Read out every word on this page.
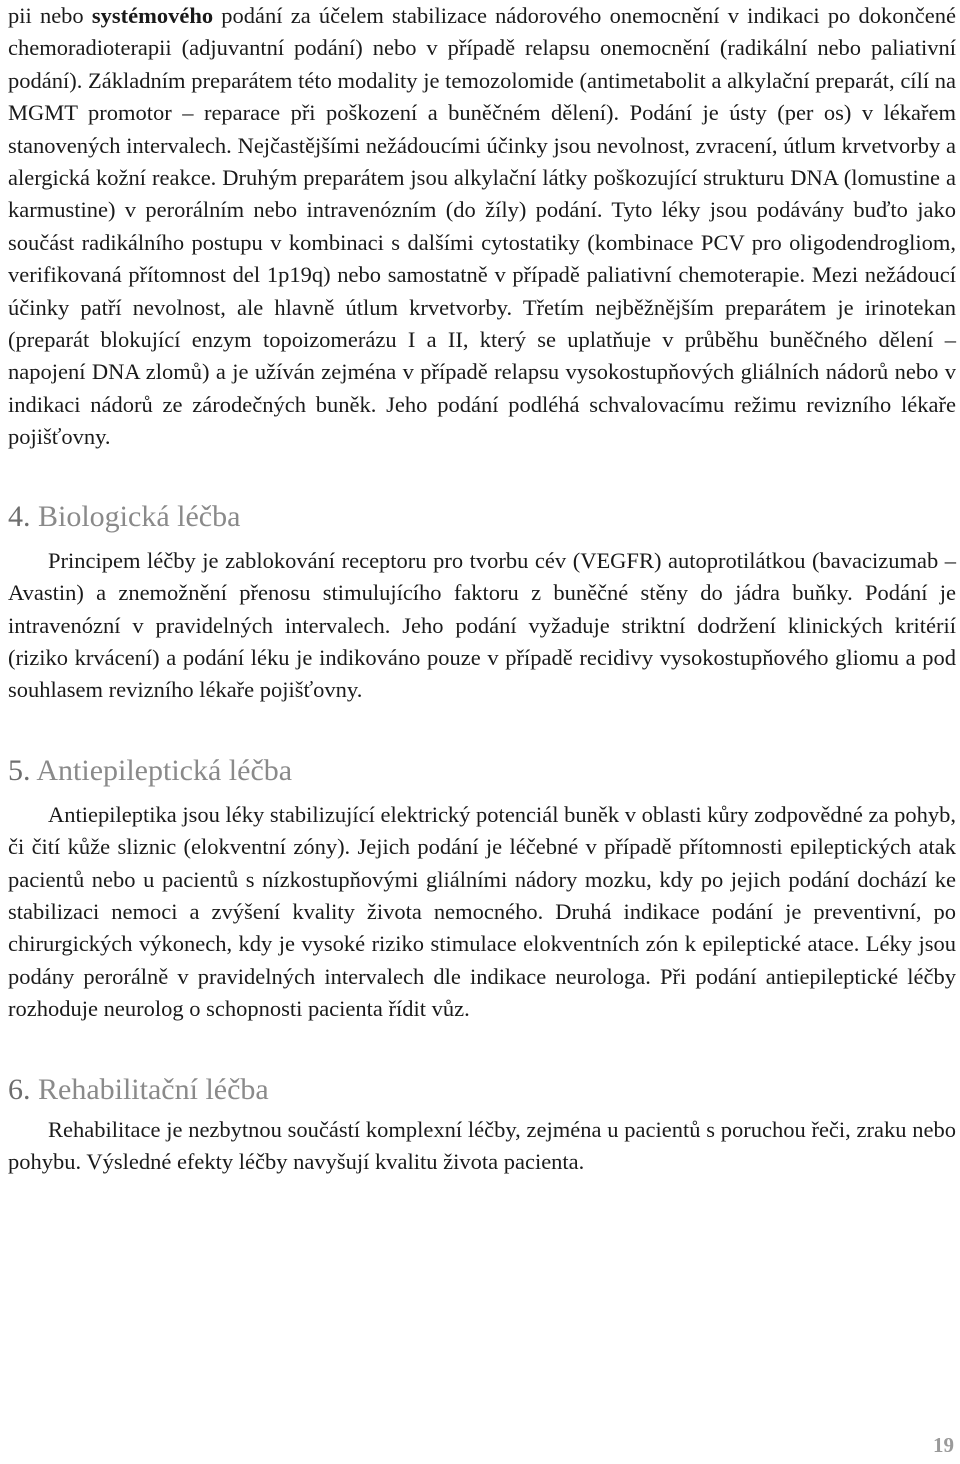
pii nebo systémového podání za účelem stabilizace nádorového onemocnění v indikaci po dokončené chemoradioterapii (adjuvantní podání) nebo v případě relapsu onemocnění (radikální nebo paliativní podání). Základním preparátem této modality je temozolomide (antimetabolit a alkylační preparát, cílí na MGMT promotor – reparace při poškození a buněčném dělení). Podání je ústy (per os) v lékařem stanovených intervalech. Nejčastějšími nežádoucími účinky jsou nevolnost, zvracení, útlum krvetvorby a alergická kožní reakce. Druhým preparátem jsou alkylační látky poškozující strukturu DNA (lomustine a karmustine) v perorálním nebo intravenózním (do žíly) podání. Tyto léky jsou podávány buďto jako součást radikálního postupu v kombinaci s dalšími cytostatiky (kombinace PCV pro oligodendrogliom, verifikovaná přítomnost del 1p19q) nebo samostatně v případě paliativní chemoterapie. Mezi nežádoucí účinky patří nevolnost, ale hlavně útlum krvetvorby. Třetím nejběžnějším preparátem je irinotekan (preparát blokující enzym topoizomerázu I a II, který se uplatňuje v průběhu buněčného dělení – napojení DNA zlomů) a je užíván zejména v případě relapsu vysokostupňových gliálních nádorů nebo v indikaci nádorů ze zárodečných buněk. Jeho podání podléhá schvalovacímu režimu revizního lékaře pojišťovny.

4. Biologická léčba

Principem léčby je zablokování receptoru pro tvorbu cév (VEGFR) autoprotilátkou (bavacizumab – Avastin) a znemožnění přenosu stimulujícího faktoru z buněčné stěny do jádra buňky. Podání je intravenózní v pravidelných intervalech. Jeho podání vyžaduje striktní dodržení klinických kritérií (riziko krvácení) a podání léku je indikováno pouze v případě recidivy vysokostupňového gliomu a pod souhlasem revizního lékaře pojišťovny.

5. Antiepileptická léčba

Antiepileptika jsou léky stabilizující elektrický potenciál buněk v oblasti kůry zodpovědné za pohyb, či čití kůže sliznic (elokventní zóny). Jejich podání je léčebné v případě přítomnosti epileptických atak pacientů nebo u pacientů s nízkostupňovými gliálními nádory mozku, kdy po jejich podání dochází ke stabilizaci nemoci a zvýšení kvality života nemocného. Druhá indikace podání je preventivní, po chirurgických výkonech, kdy je vysoké riziko stimulace elokventních zón k epileptické atace. Léky jsou podány perorálně v pravidelných intervalech dle indikace neurologa. Při podání antiepileptické léčby rozhoduje neurolog o schopnosti pacienta řídit vůz.

6. Rehabilitační léčba

Rehabilitace je nezbytnou součástí komplexní léčby, zejména u pacientů s poruchou řeči, zraku nebo pohybu. Výsledné efekty léčby navyšují kvalitu života pacienta.

19
